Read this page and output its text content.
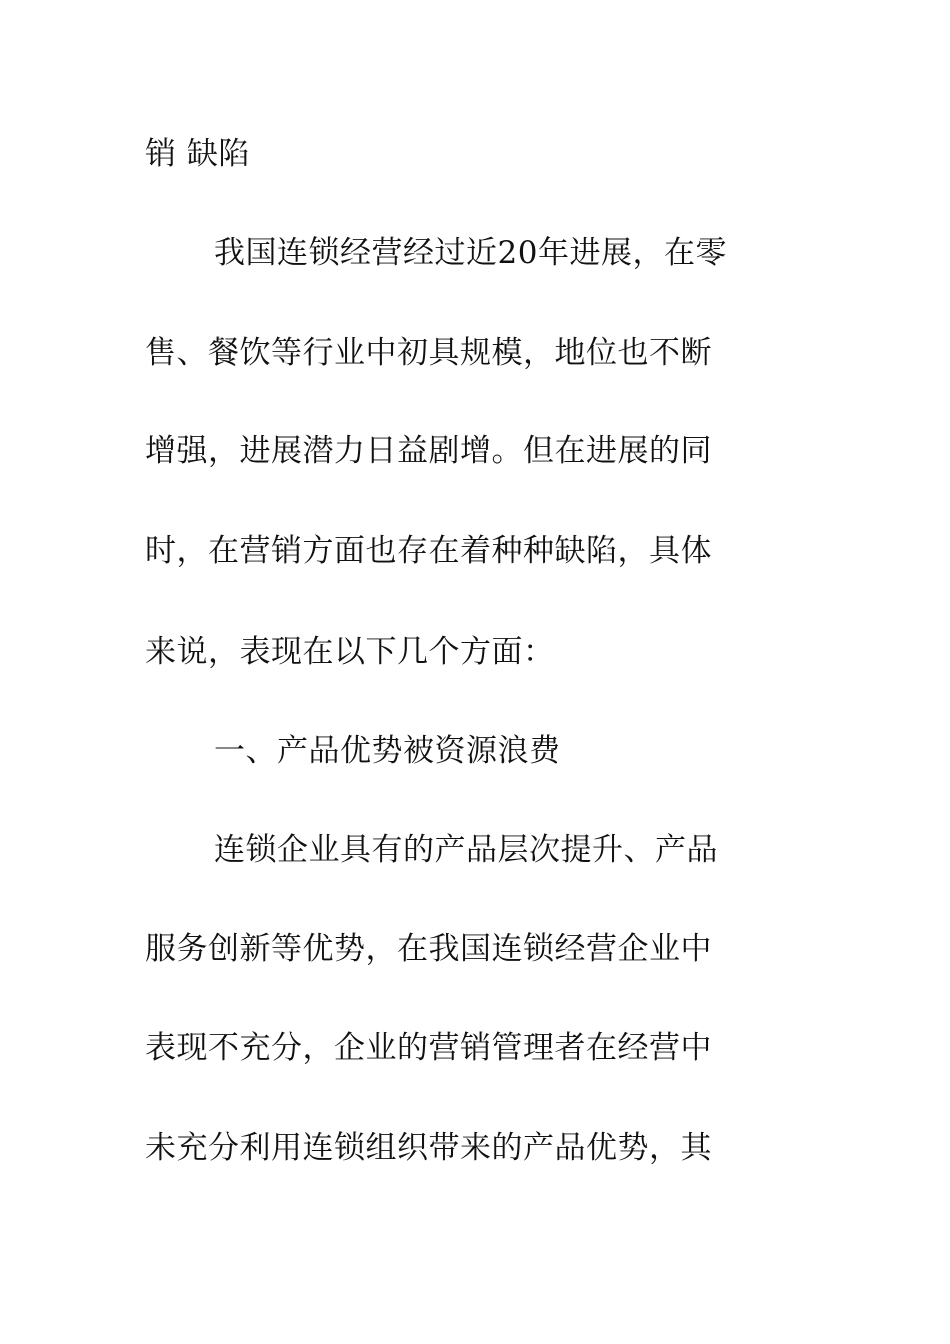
销 缺陷

我国连锁经营经过近20年进展，在零

售、餐饮等行业中初具规模，地位也不断

增强，进展潜力日益剧增。但在进展的同

时，在营销方面也存在着种种缺陷，具体

来说，表现在以下几个方面：

一、产品优势被资源浪费

连锁企业具有的产品层次提升、产品

服务创新等优势，在我国连锁经营企业中

表现不充分，企业的营销管理者在经营中

未充分利用连锁组织带来的产品优势，其
